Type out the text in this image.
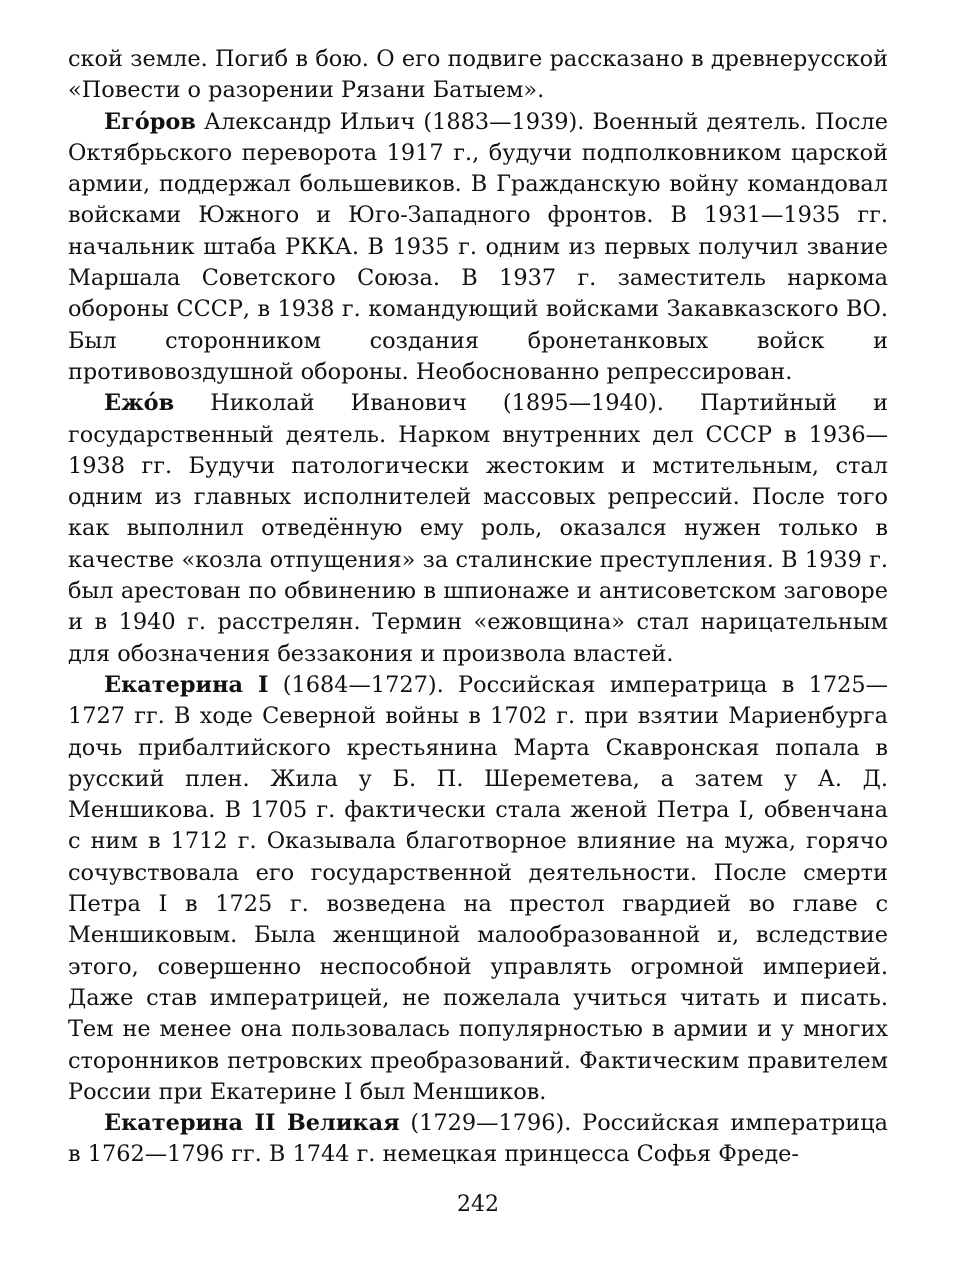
ской земле. Погиб в бою. О его подвиге рассказано в древнерусской «Повести о разорении Рязани Батыем».

Его́ров Александр Ильич (1883—1939). Военный деятель. После Октябрьского переворота 1917 г., будучи подполковником царской армии, поддержал большевиков. В Гражданскую войну командовал войсками Южного и Юго-Западного фронтов. В 1931—1935 гг. начальник штаба РККА. В 1935 г. одним из первых получил звание Маршала Советского Союза. В 1937 г. заместитель наркома обороны СССР, в 1938 г. командующий войсками Закавказского ВО. Был сторонником создания бронетанковых войск и противовоздушной обороны. Необоснованно репрессирован.

Ежо́в Николай Иванович (1895—1940). Партийный и государственный деятель. Нарком внутренних дел СССР в 1936—1938 гг. Будучи патологически жестоким и мстительным, стал одним из главных исполнителей массовых репрессий. После того как выполнил отведённую ему роль, оказался нужен только в качестве «козла отпущения» за сталинские преступления. В 1939 г. был арестован по обвинению в шпионаже и антисоветском заговоре и в 1940 г. расстрелян. Термин «ежовщина» стал нарицательным для обозначения беззакония и произвола властей.

Екатерина I (1684—1727). Российская императрица в 1725—1727 гг. В ходе Северной войны в 1702 г. при взятии Мариенбурга дочь прибалтийского крестьянина Марта Скавронская попала в русский плен. Жила у Б. П. Шереметева, а затем у А. Д. Меншикова. В 1705 г. фактически стала женой Петра I, обвенчана с ним в 1712 г. Оказывала благотворное влияние на мужа, горячо сочувствовала его государственной деятельности. После смерти Петра I в 1725 г. возведена на престол гвардией во главе с Меншиковым. Была женщиной малообразованной и, вследствие этого, совершенно неспособной управлять огромной империей. Даже став императрицей, не пожелала учиться читать и писать. Тем не менее она пользовалась популярностью в армии и у многих сторонников петровских преобразований. Фактическим правителем России при Екатерине I был Меншиков.

Екатерина II Великая (1729—1796). Российская императрица в 1762—1796 гг. В 1744 г. немецкая принцесса Софья Фреде-

242
